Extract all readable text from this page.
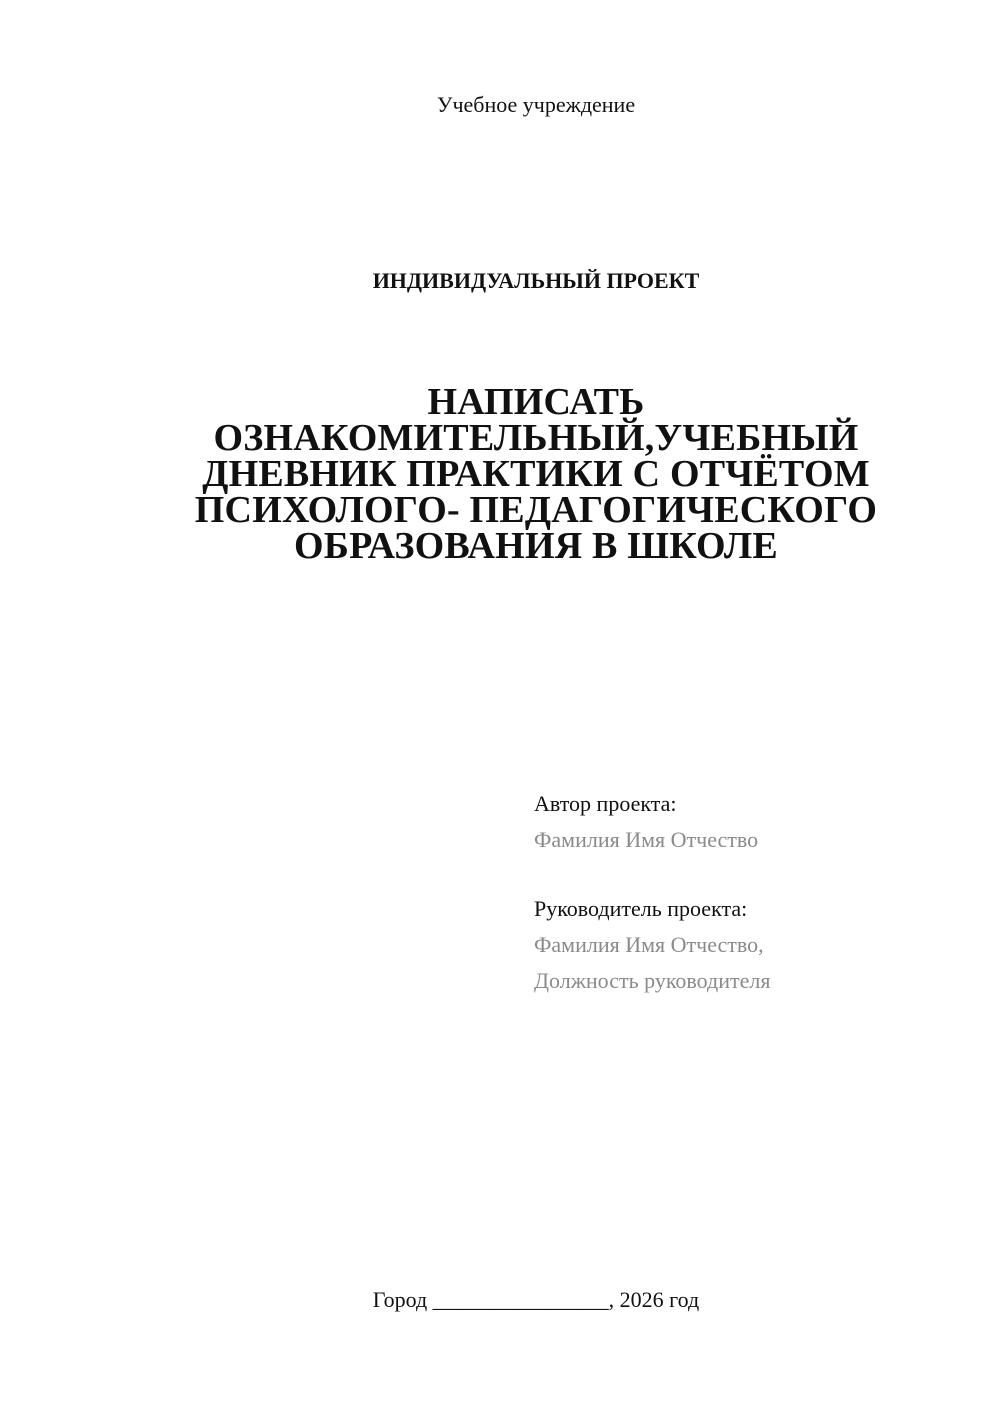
Учебное учреждение
ИНДИВИДУАЛЬНЫЙ ПРОЕКТ
НАПИСАТЬ
ОЗНАКОМИТЕЛЬНЫЙ,УЧЕБНЫЙ
ДНЕВНИК ПРАКТИКИ С ОТЧЁТОМ
ПСИХОЛОГО- ПЕДАГОГИЧЕСКОГО
ОБРАЗОВАНИЯ В ШКОЛЕ
Автор проекта:
Фамилия Имя Отчество
Руководитель проекта:
Фамилия Имя Отчество,
Должность руководителя
Город ________________, 2026 год
